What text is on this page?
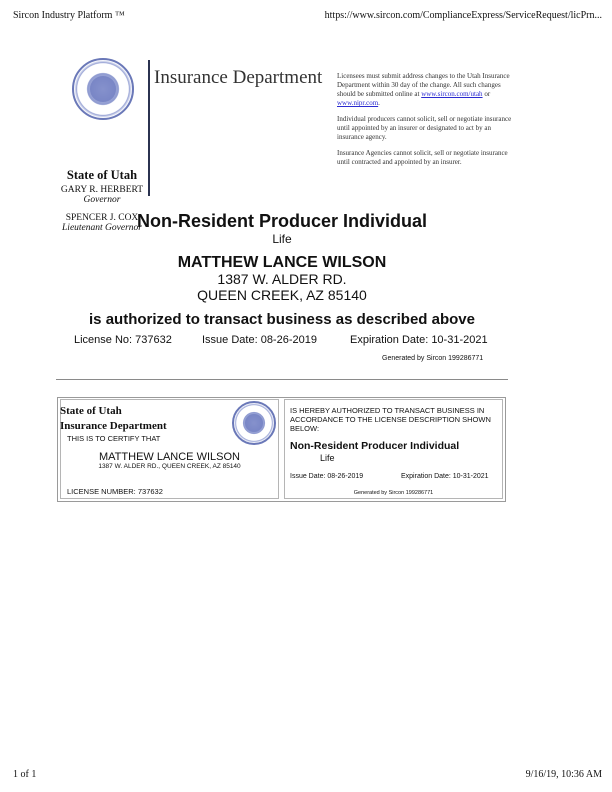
Sircon Industry Platform ™	https://www.sircon.com/ComplianceExpress/ServiceRequest/licPrn...
1 of 1	9/16/19, 10:36 AM
State of Utah
GARY R. HERBERT
Governor
SPENCER J. COX
Lieutenant Governor
Insurance Department Licensees must submit address changes to the Utah Insurance Department within 30 day of the change. All such changes should be submitted online at www.sircon.com/utah or www.nipr.com.

Individual producers cannot solicit, sell or negotiate insurance until appointed by an insurer or designated to act by an insurance agency.

Insurance Agencies cannot solicit, sell or negotiate insurance until contracted and appointed by an insurer.

Non-Resident Producer Individual
Life
MATTHEW LANCE WILSON
1387 W. ALDER RD.
QUEEN CREEK, AZ 85140
is authorized to transact business as described above
License No: 737632	Issue Date: 08-26-2019	Expiration Date: 10-31-2021
Generated by Sircon 199286771
State of Utah
Insurance Department
THIS IS TO CERTIFY THAT
MATTHEW LANCE WILSON
1387 W. ALDER RD., QUEEN CREEK, AZ 85140
LICENSE NUMBER: 737632
IS HEREBY AUTHORIZED TO TRANSACT BUSINESS IN ACCORDANCE TO THE LICENSE DESCRIPTION SHOWN BELOW:
Non-Resident Producer Individual
Life
Issue Date: 08-26-2019	Expiration Date: 10-31-2021
Generated by Sircon 199286771
